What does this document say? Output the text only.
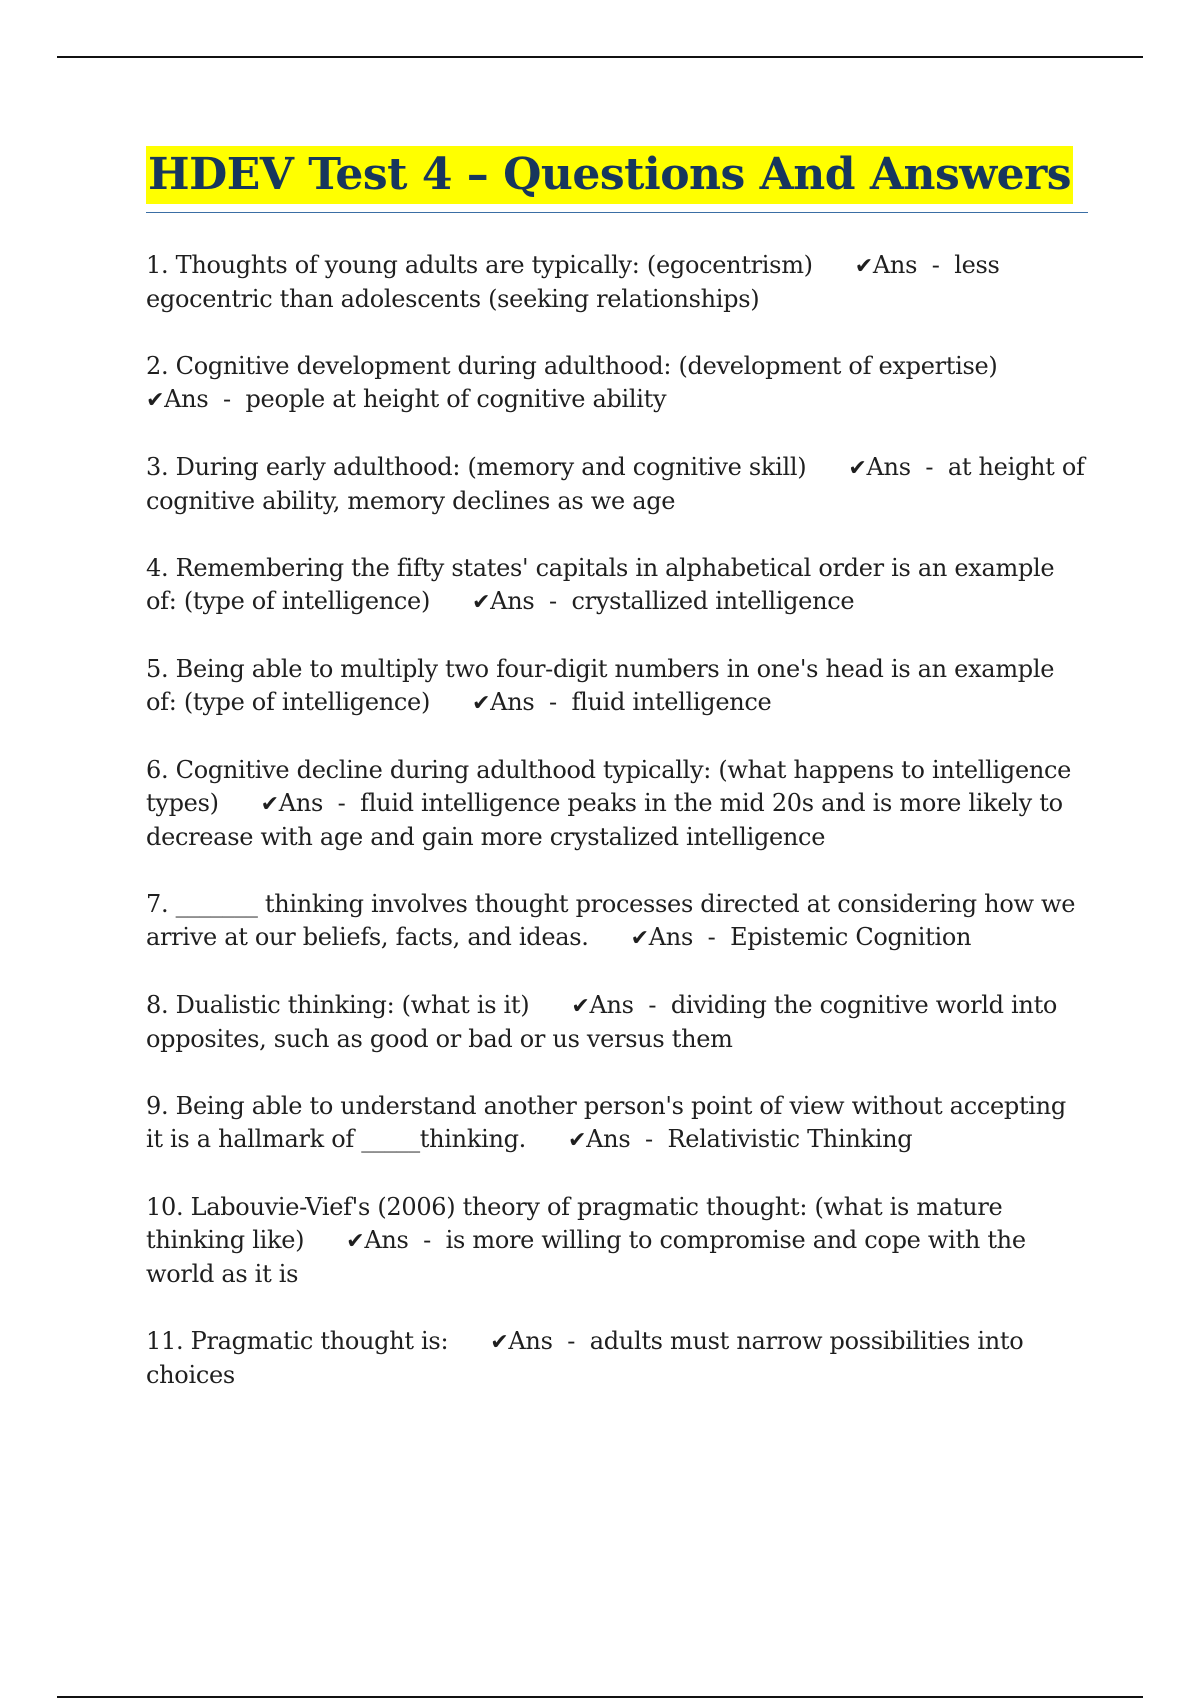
HDEV Test 4 – Questions And Answers
1. Thoughts of young adults are typically: (egocentrism) ✔Ans  -  less egocentric than adolescents (seeking relationships)
2. Cognitive development during adulthood: (development of expertise)
✔Ans  -  people at height of cognitive ability
3. During early adulthood: (memory and cognitive skill) ✔Ans  -  at height of cognitive ability, memory declines as we age
4. Remembering the fifty states' capitals in alphabetical order is an example of: (type of intelligence) ✔Ans  -  crystallized intelligence
5. Being able to multiply two four-digit numbers in one's head is an example of: (type of intelligence) ✔Ans  -  fluid intelligence
6. Cognitive decline during adulthood typically: (what happens to intelligence types) ✔Ans  -  fluid intelligence peaks in the mid 20s and is more likely to decrease with age and gain more crystalized intelligence
7. _______ thinking involves thought processes directed at considering how we arrive at our beliefs, facts, and ideas. ✔Ans  -  Epistemic Cognition
8. Dualistic thinking: (what is it) ✔Ans  -  dividing the cognitive world into opposites, such as good or bad or us versus them
9. Being able to understand another person's point of view without accepting it is a hallmark of _____thinking. ✔Ans  -  Relativistic Thinking
10. Labouvie-Vief's (2006) theory of pragmatic thought: (what is mature thinking like) ✔Ans  -  is more willing to compromise and cope with the world as it is
11. Pragmatic thought is: ✔Ans  -  adults must narrow possibilities into choices
